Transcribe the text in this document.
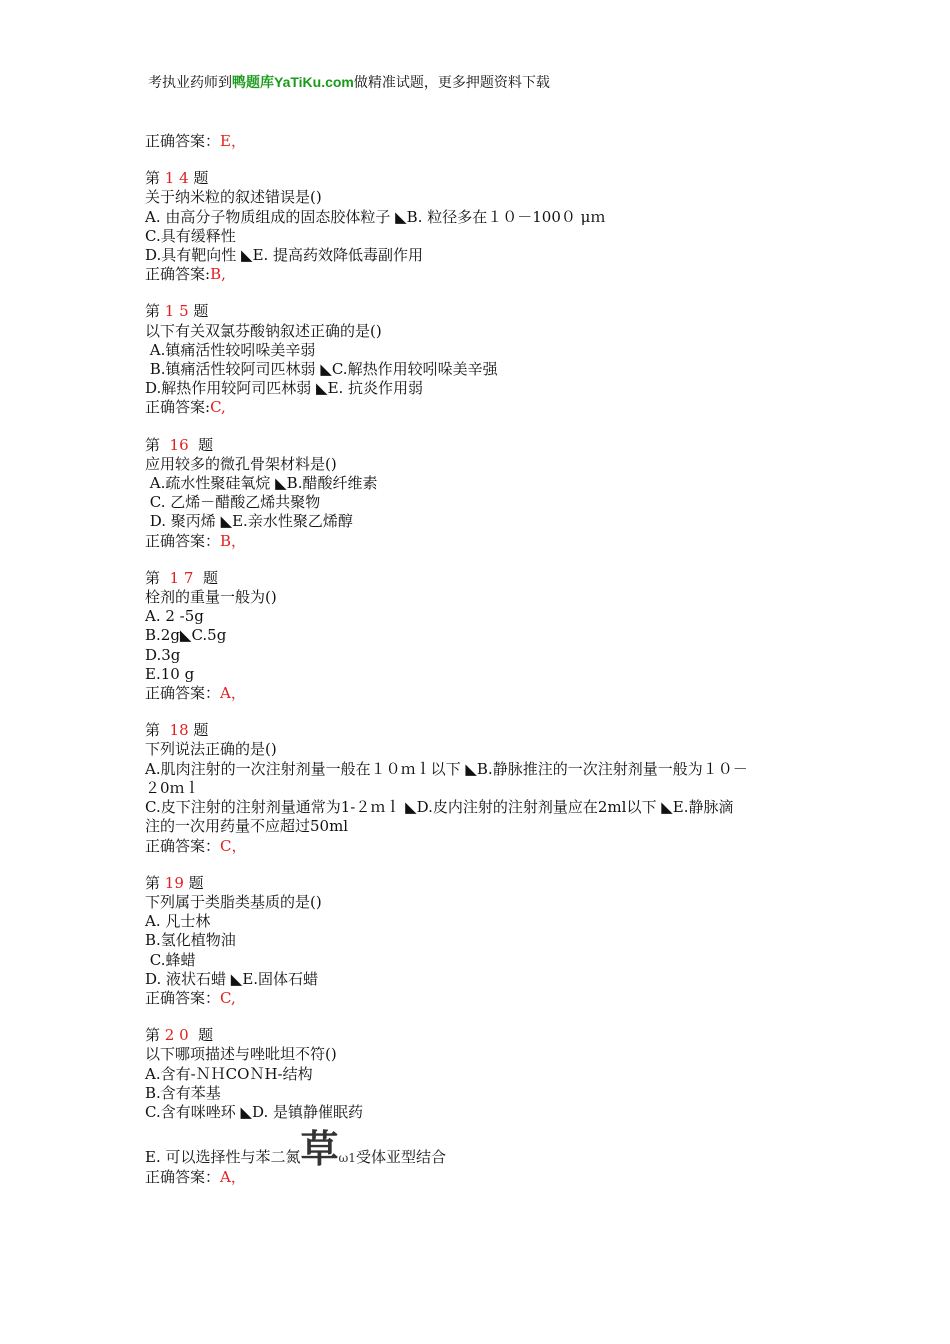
考执业药师到鸭题库YaTiKu.com做精准试题，更多押题资料下载
正确答案：E，
第 1 4 题
关于纳米粒的叙述错误是()
A. 由高分子物质组成的固态胶体粒子 ﻿◣B. 粒径多在１０－100０ μｍ
C.具有缓释性
D.具有靶向性 ◣E. 提高药效降低毒副作用
正确答案:B,
第 1 5 题
以下有关双氯芬酸钠叙述正确的是()
A.镇痛活性较吲哚美辛弱
B.镇痛活性较阿司匹林弱 ◣C.解热作用较吲哚美辛强
D.解热作用较阿司匹林弱 ◣E. 抗炎作用弱
正确答案:C,
第  16  题
应用较多的微孔骨架材料是()
A.疏水性聚硅氧烷 ◣B.醋酸纤维素
C. 乙烯－醋酸乙烯共聚物
D. 聚丙烯 ◣E.亲水性聚乙烯醇
正确答案：B，
第  1 7  题
栓剂的重量一般为()
A. 2 -5g
B.2g◣C.5g
D.3g
E.10 g
正确答案：A，
第  18 题
下列说法正确的是()
A.肌肉注射的一次注射剂量一般在１０ｍｌ以下 ◣B.静脉推注的一次注射剂量一般为１０－
２0ｍｌ
C.皮下注射的注射剂量通常为1-２ｍｌ ◣D.皮内注射的注射剂量应在2ml以下 ◣E.静脉滴
注的一次用药量不应超过50ml
正确答案：C，
第 19 题
下列属于类脂类基质的是()
A. 凡士林
B.氢化植物油
C.蜂蜡
D. 液状石蜡 ◣E.固体石蜡
正确答案：C,
第 2 0  题
以下哪项描述与唑吡坦不符()
A.含有-ＮＨCOＮH-结构
B.含有苯基
C.含有咪唑环 ◣D. 是镇静催眠药
E. 可以选择性与苯二氮草ω1受体亚型结合
正确答案：A，
